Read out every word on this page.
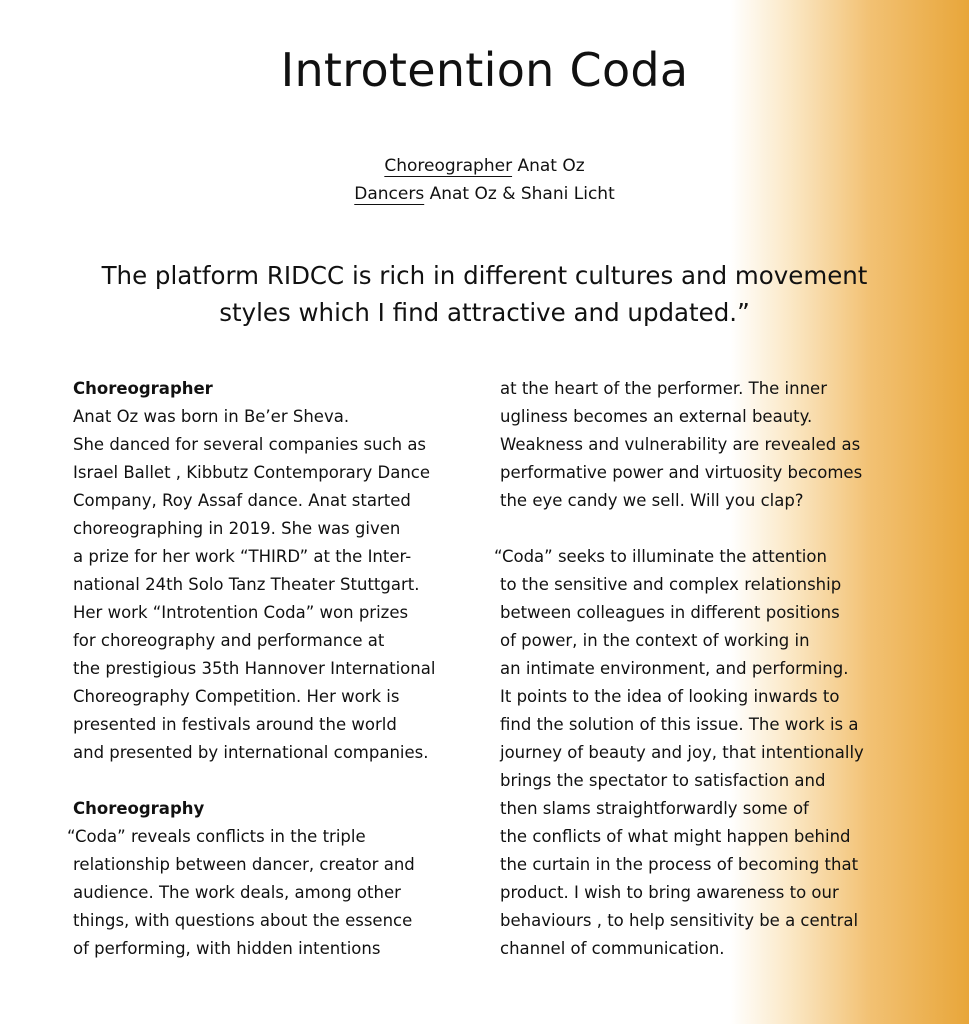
Introtention Coda
Choreographer Anat Oz
Dancers Anat Oz & Shani Licht
The platform RIDCC is rich in different cultures and movement
styles which I find attractive and updated.”
Choreographer
Anat Oz was born in Be’er Sheva.
She danced for several companies such as
Israel Ballet , Kibbutz Contemporary Dance
Company, Roy Assaf dance. Anat started
choreographing in 2019. She was given
a prize for her work “THIRD” at the Inter-
national 24th Solo Tanz Theater Stuttgart.
Her work “Introtention Coda” won prizes
for choreography and performance at
the prestigious 35th Hannover International
Choreography Competition. Her work is
presented in festivals around the world
and presented by international companies.
Choreography
“Coda” reveals conflicts in the triple
relationship between dancer, creator and
audience. The work deals, among other
things, with questions about the essence
of performing, with hidden intentions
at the heart of the performer. The inner
ugliness becomes an external beauty.
Weakness and vulnerability are revealed as
performative power and virtuosity becomes
the eye candy we sell. Will you clap?
“Coda” seeks to illuminate the attention
to the sensitive and complex relationship
between colleagues in different positions
of power, in the context of working in
an intimate environment, and performing.
It points to the idea of looking inwards to
find the solution of this issue. The work is a
journey of beauty and joy, that intentionally
brings the spectator to satisfaction and
then slams straightforwardly some of
the conflicts of what might happen behind
the curtain in the process of becoming that
product. I wish to bring awareness to our
behaviours , to help sensitivity be a central
channel of communication.
